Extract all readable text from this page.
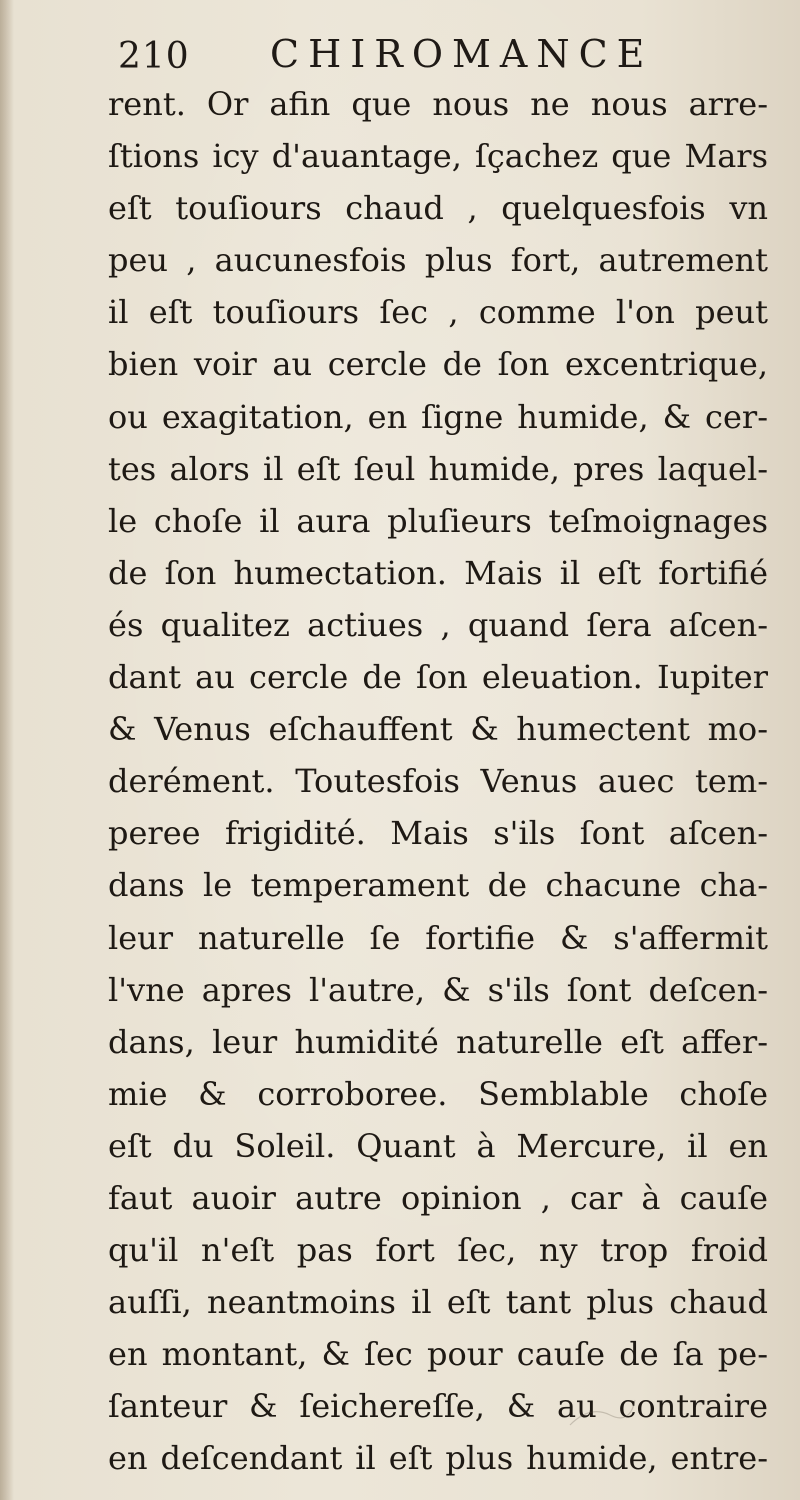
210 CHIROMANCE
rent. Or afin que nous ne nous arre-
ſtions icy d'auantage, ſçachez que Mars
eſt touſiours chaud , quelquesfois vn
peu , aucunesfois plus fort, autrement
il eſt touſiours ſec , comme l'on peut
bien voir au cercle de ſon excentrique,
ou exagitation, en ſigne humide, & cer-
tes alors il eſt ſeul humide, pres laquel-
le choſe il aura pluſieurs teſmoignages
de ſon humectation. Mais il eſt fortifié
és qualitez actiues , quand ſera aſcen-
dant au cercle de ſon eleuation. Iupiter
& Venus eſchauffent & humectent mo-
derément. Toutesfois Venus auec tem-
peree frigidité. Mais s'ils ſont aſcen-
dans le temperament de chacune cha-
leur naturelle ſe fortifie & s'affermit
l'vne apres l'autre, & s'ils ſont deſcen-
dans, leur humidité naturelle eſt affer-
mie & corroboree. Semblable choſe
eſt du Soleil. Quant à Mercure, il en
faut auoir autre opinion , car à cauſe
qu'il n'eſt pas fort ſec, ny trop froid
auſſi, neantmoins il eſt tant plus chaud
en montant, & ſec pour cauſe de ſa pe-
ſanteur & ſeichereſſe, & au contraire
en deſcendant il eſt plus humide, entre-
